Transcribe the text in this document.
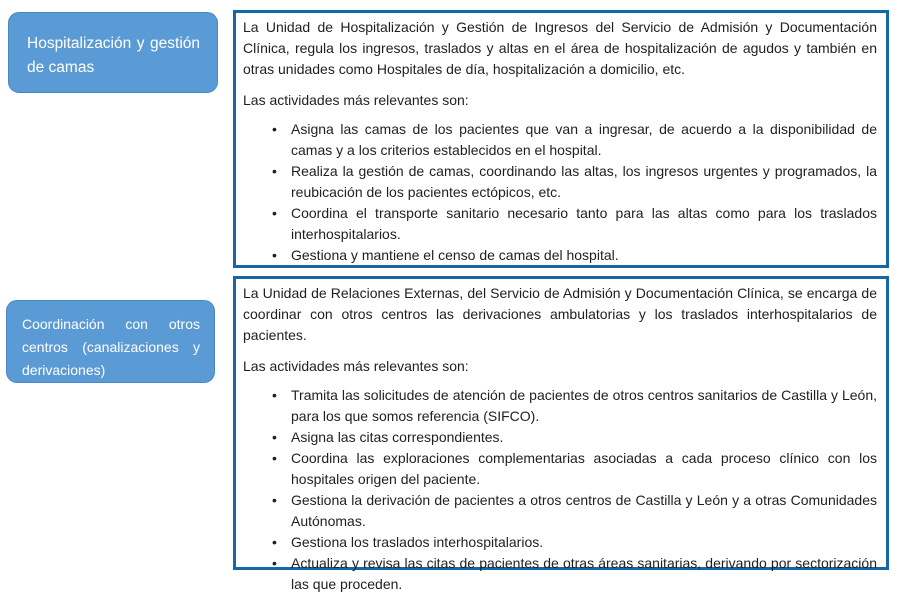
Hospitalización y gestión de camas

La Unidad de Hospitalización y Gestión de Ingresos del Servicio de Admisión y Documentación Clínica, regula los ingresos, traslados y altas en el área de hospitalización de agudos y también en otras unidades como Hospitales de día, hospitalización a domicilio, etc.

Las actividades más relevantes son:

• Asigna las camas de los pacientes que van a ingresar, de acuerdo a la disponibilidad de camas y a los criterios establecidos en el hospital.
• Realiza la gestión de camas, coordinando las altas, los ingresos urgentes y programados, la reubicación de los pacientes ectópicos, etc.
• Coordina el transporte sanitario necesario tanto para las altas como para los traslados interhospitalarios.
• Gestiona y mantiene el censo de camas del hospital.
Coordinación con otros centros (canalizaciones y derivaciones)

La Unidad de Relaciones Externas, del Servicio de Admisión y Documentación Clínica, se encarga de coordinar con otros centros las derivaciones ambulatorias y los traslados interhospitalarios de pacientes.

Las actividades más relevantes son:

• Tramita las solicitudes de atención de pacientes de otros centros sanitarios de Castilla y León, para los que somos referencia (SIFCO).
• Asigna las citas correspondientes.
• Coordina las exploraciones complementarias asociadas a cada proceso clínico con los hospitales origen del paciente.
• Gestiona la derivación de pacientes a otros centros de Castilla y León y a otras Comunidades Autónomas.
• Gestiona los traslados interhospitalarios.
• Actualiza y revisa las citas de pacientes de otras áreas sanitarias, derivando por sectorización las que proceden.
